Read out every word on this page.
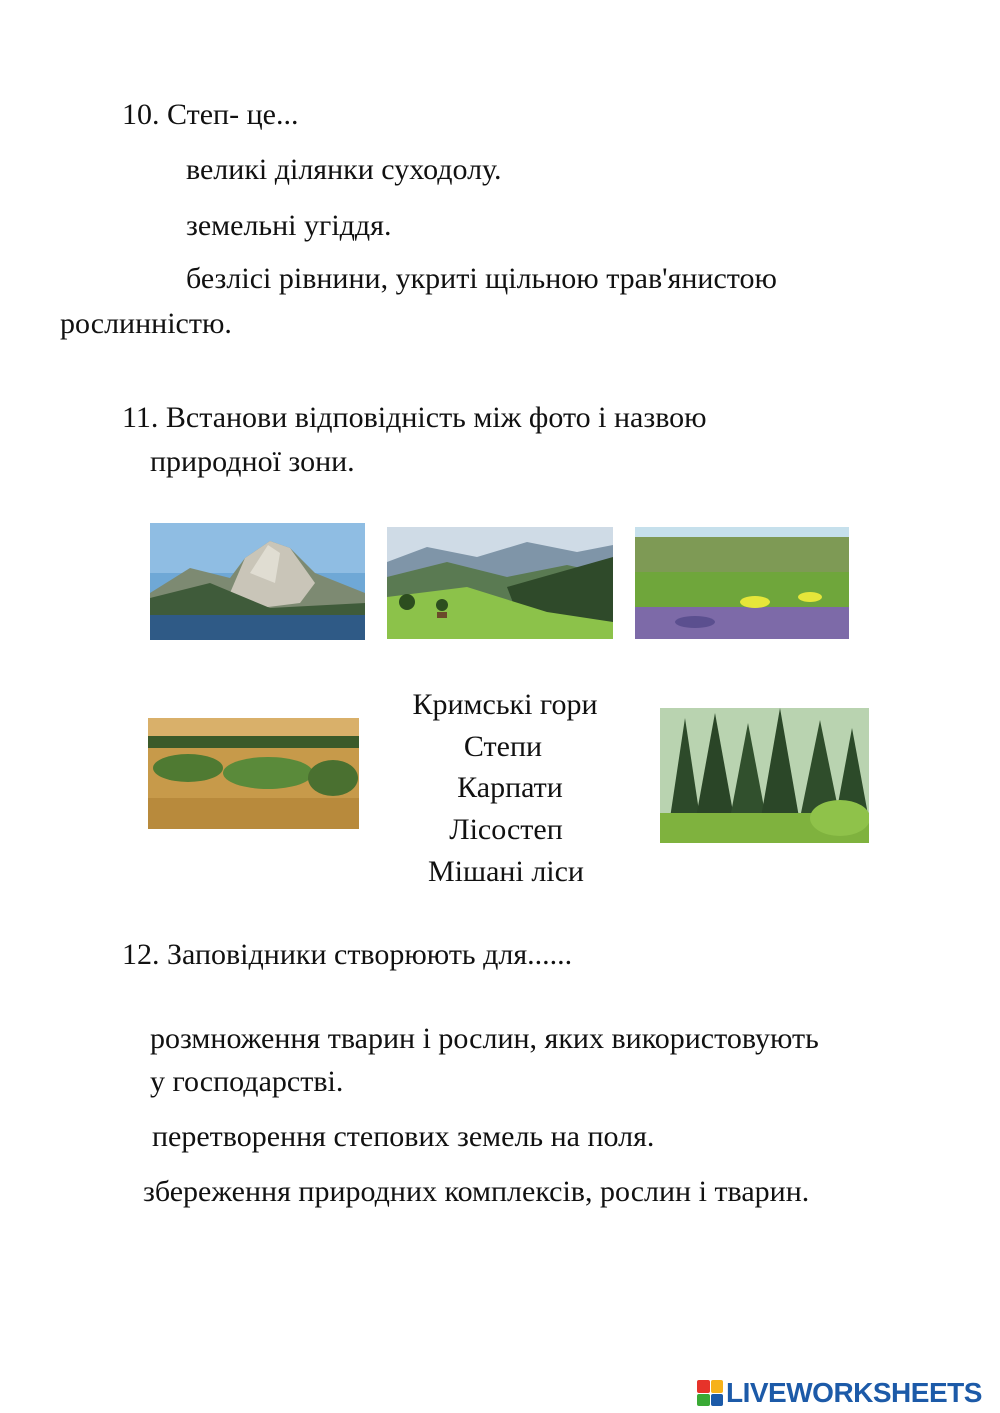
10. Степ- це...
великі ділянки суходолу.
земельні угіддя.
безлісі рівнини, укриті щільною трав'янистою
рослинністю.
11. Встанови відповідність між фото і назвою
природної зони.
Кримські гори
Степи
Карпати
Лісостеп
Мішані ліси
12. Заповідники створюють для......
розмноження тварин і рослин, яких використовують
у господарстві.
перетворення степових земель на поля.
збереження природних комплексів, рослин і тварин.
LIVEWORKSHEETS
